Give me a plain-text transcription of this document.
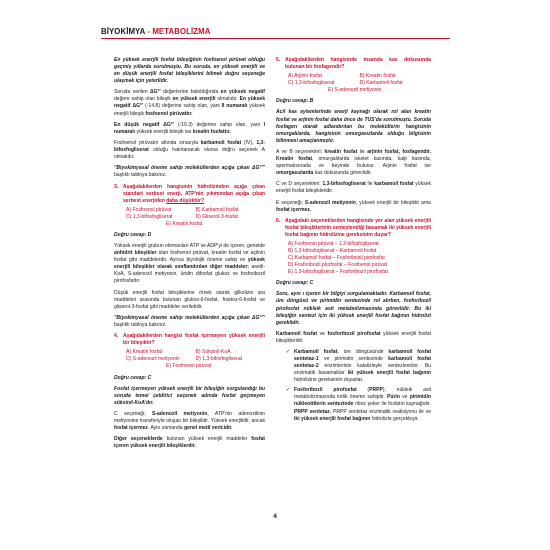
BİYOKİMYA - METABOLİZMA

En yüksek enerjili fosfat bileşiğinin fosfoenol pirüvat olduğu geçmiş yıllarda sorulmuştu. Bu soruda, en yüksek enerjili ve en düşük enerjili fosfat bileşiklerini bilmek doğru seçeneğe ulaşmak için yeterlidir.

Soruda verilen ΔG°' değerlerine bakıldığında en yüksek negatif değere sahip olan bileşik en yüksek enerjili olmalıdır. En yüksek negatif ΔG°' (-14.8) değerine sahip olan, yani II numaralı yüksek enerjili bileşik fosfoenol pirüvattır.

En düşük negatif ΔG°' (-10.3) değerine sahip olan, yani I numaralı yüksek enerjili bileşik ise kreatin fosfattır.

Fosfoenol pirüvatın altında sırasıyla karbamoil fosfat (IV), 1,3-bifosfogliserat olduğu hatırlanacak olursa doğru seçenek A olmalıdır.

"Biyokimyasal öneme sahip moleküllerden açığa çıkan ΔG°'" başlıklı tabloya bakınız.

3. Aşağıdakilerden hangisinin hidrolizinden açığa çıkan standart serbest enerji, ATP'nin yıkımından açığa çıkan serbest enerjiden daha düşüktür?
A) Fosfoenol pirüvat	B) Karbamoil fosfat
C) 1,3-bifosfogliserat	D) Gliserol-3-fosfat
E) Kreatin fosfat

Doğru cevap: D

Yüksek enerjili grubun elemanları ATP ve ADP'yi de içeren, genelde anhidrit bileşikler olan fosfoenol pirüvat, kreatin fosfat ve açilnin fosfat gibi maddelerdir. Ayrıca biyolojik öneme sahip ve yüksek enerjili bileşikler olarak sınıflandırılan diğer maddeler; asetil-KoA, S-adenozil metiyonin, üridin difosfat glukoz ve fosforibozil pirofosfattır.

Düşük enerjili fosfat bileşiklerine örnek olarak glikolizin ara maddeleri arasında bulunan glukoz-6-fosfat, fruktoz-6-fosfat ve gliserol-3-fosfat gibi maddeler verilebilir.

"Biyokimyasal öneme sahip moleküllerden açığa çıkan ΔG°'" başlıklı tabloya bakınız.

4. Aşağıdakilerden hangisi fosfat içermeyen yüksek enerjili bir bileşiktir?
A) Kreatin fosfat	B) Süksinil-KoA
C) S-adenozil metiyonin	D) 1,3-bifosfogliserat
E) Fosfoenol pirüvat

Doğru cevap: C

Fosfat içermeyen yüksek enerjili bir bileşiğin sorgulandığı bu soruda temel çeldirici seçenek adında fosfat geçmeyen süksinil-KoA'dır.

C seçeneği; S-adenozil metiyonin, ATP'nin adenozilinin metiyonine transferiyle oluşan bir bileşiktir. Yüksek enerjilidir, ancak fosfat içermez. Aynı zamanda genel metil vericidir.

Diğer seçeneklerde bulunan yüksek enerjili maddeler fosfat içeren yüksek enerjili bileşiklerdir.

5. Aşağıdakilerden hangisinde insanda kas dokusunda bulunan bir fosfagendir?
A) Arjinin fosfat	B) Kreatin fosfat
C) 1,3-bifosfogliserat	D) Karbamoil fosfat
E) S-adenozil metiyonin

Doğru cevap: B

Acil kas eylemlerinde enerji kaynağı olarak rol alan kreatin fosfat ve arjinin fosfat daha önce de TUS'da sorulmuştu. Soruda fosfagen olarak adlandırılan bu moleküllerin hangisinin omurgalılarda, hangisinin omurgasızlarda olduğu bilgisinin bilinmesi amaçlanmıştır.

A ve B seçenekleri; kreatin fosfat ile arjinin fosfat, fosfagendir. Kreatin fosfat, omurgalılarda iskelet kasında, kalp kasında, spermatozoada ve beyinde bulunur. Arjinin fosfat ise omurgasızlarda kas dokusunda görevlidir.

C ve D seçenekleri; 1,3-bifosfogliserat ile karbamoil fosfat yüksek enerjili fosfat bileşikleridir.

E seçeneği; S-adenozil metiyonin, yüksek enerjili bir bileşiktir ama fosfat içermez.

6. Aşağıdaki seçeneklerden hangisinde yer alan yüksek enerjili fosfat bileşiklerinin sentezlendiği basamak iki yüksek enerjili fosfat bağının hidrolizine gereksinim duyar?
A) Fosfoenol pirüvat – 1,3-bifosfogliserat
B) 1,3-bifosfogliserat – Karbamoil fosfat
C) Karbamoil fosfat – Fosforibozil pirofosfat
D) Fosforibozil pirofosfat – Fosfoenol pirüvat
E) 1,3-bifosfogliserat – Fosforibozil pirofosfat

Doğru cevap: C

Soru, aynı ı içeren bir bilgiyi sorgulamaktadır. Karbamoil fosfat, üre döngüsü ve pirimidin sentezinde rol alırken, fosforibozil pirofosfat nükleik asit metabolizmasında görevlidir. Bu iki bileşiğin sentezi için iki yüksek enerjili fosfat bağının hidrolizi gereklidir.

Karbamoil fosfat ve fosforibozil pirofosfat yüksek enerjili fosfat bileşikleridir.

✓ Karbamoil fosfat, üre döngüsünde karbamoil fosfat sentetaz-1 ve pirimidin sentezinde karbamoil fosfat sentetaz-2 enzimlerinin katalizleyle sentezlenirler. Bu enzimatik basamaklar iki yüksek enerjili fosfat bağının hidrolizine gereksinim duyarlar.
✓ Fosforibozil pirofosfat (PRPP), nükleik asit metabolizmasında kritik öneme sahiptir. Pürin ve pirimidin nükleotitlerin sentezinde riboz şeker ile fosfatın kaynağıdır. PRPP sentetaz, PRPP sentetaz enzimatik reaksiyonu ile ve iki yüksek enerjili fosfat bağının hidrolizle gerçekleşir.
4
